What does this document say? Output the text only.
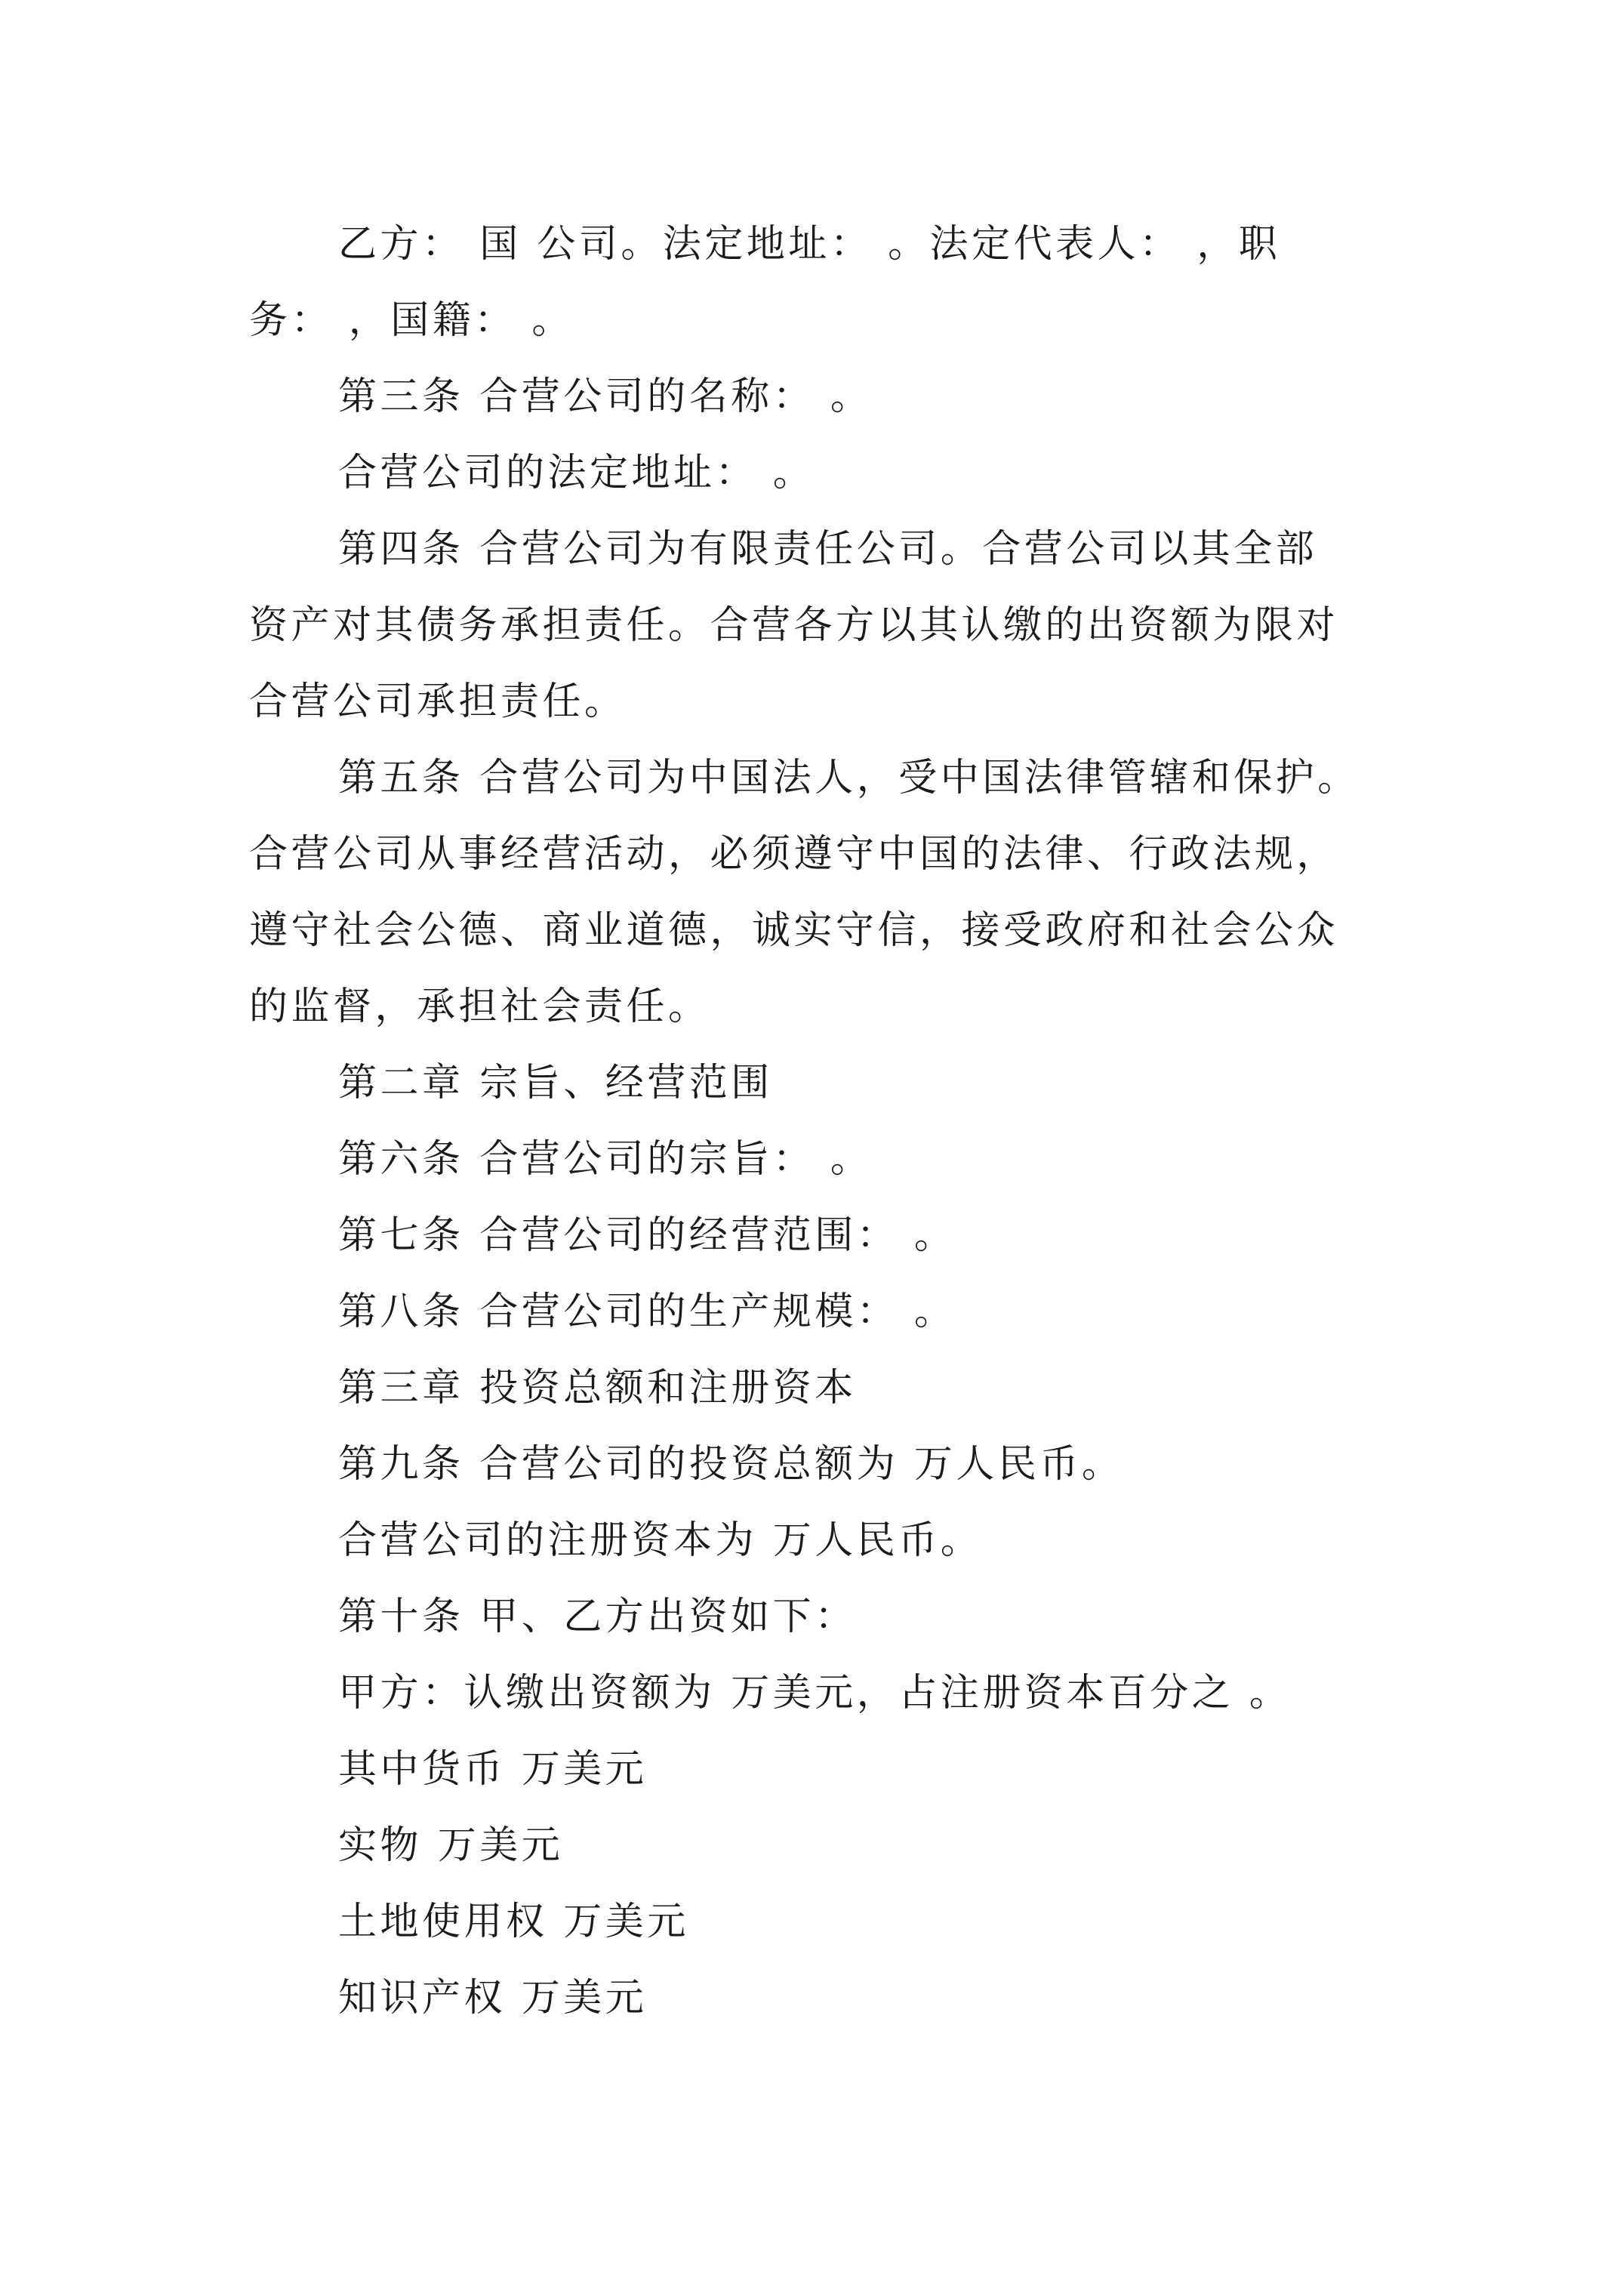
乙方： 国 公司。法定地址： 。法定代表人： ，职
务： ，国籍： 。
第三条 合营公司的名称： 。
合营公司的法定地址： 。
第四条 合营公司为有限责任公司。合营公司以其全部
资产对其债务承担责任。合营各方以其认缴的出资额为限对
合营公司承担责任。
第五条 合营公司为中国法人，受中国法律管辖和保护。
合营公司从事经营活动，必须遵守中国的法律、行政法规，
遵守社会公德、商业道德，诚实守信，接受政府和社会公众
的监督，承担社会责任。
第二章 宗旨、经营范围
第六条 合营公司的宗旨： 。
第七条 合营公司的经营范围： 。
第八条 合营公司的生产规模： 。
第三章 投资总额和注册资本
第九条 合营公司的投资总额为 万人民币。
合营公司的注册资本为 万人民币。
第十条 甲、乙方出资如下：
甲方：认缴出资额为 万美元，占注册资本百分之 。
其中货币 万美元
实物 万美元
土地使用权 万美元
知识产权 万美元
